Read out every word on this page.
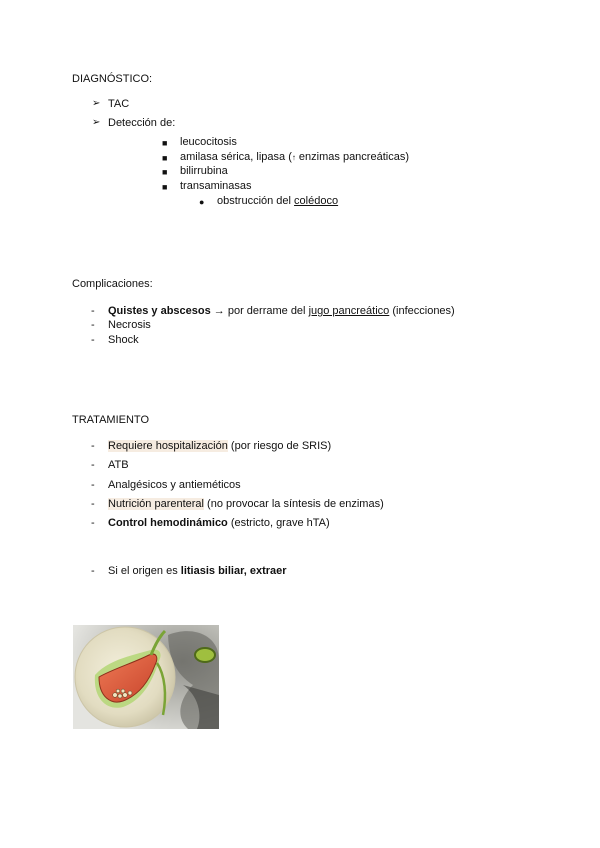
DIAGNÓSTICO:
➢ TAC
➢ Detección de:
■ leucocitosis
■ amilasa sérica, lipasa (↑ enzimas pancreáticas)
■ bilirrubina
■ transaminasas
● obstrucción del colédoco
Complicaciones:
- Quistes y abscesos → por derrame del jugo pancreático (infecciones)
- Necrosis
- Shock
TRATAMIENTO
- Requiere hospitalización (por riesgo de SRIS)
- ATB
- Analgésicos y antieméticos
- Nutrición parenteral (no provocar la síntesis de enzimas)
- Control hemodinámico (estricto, grave hTA)
- Si el origen es litiasis biliar, extraer
